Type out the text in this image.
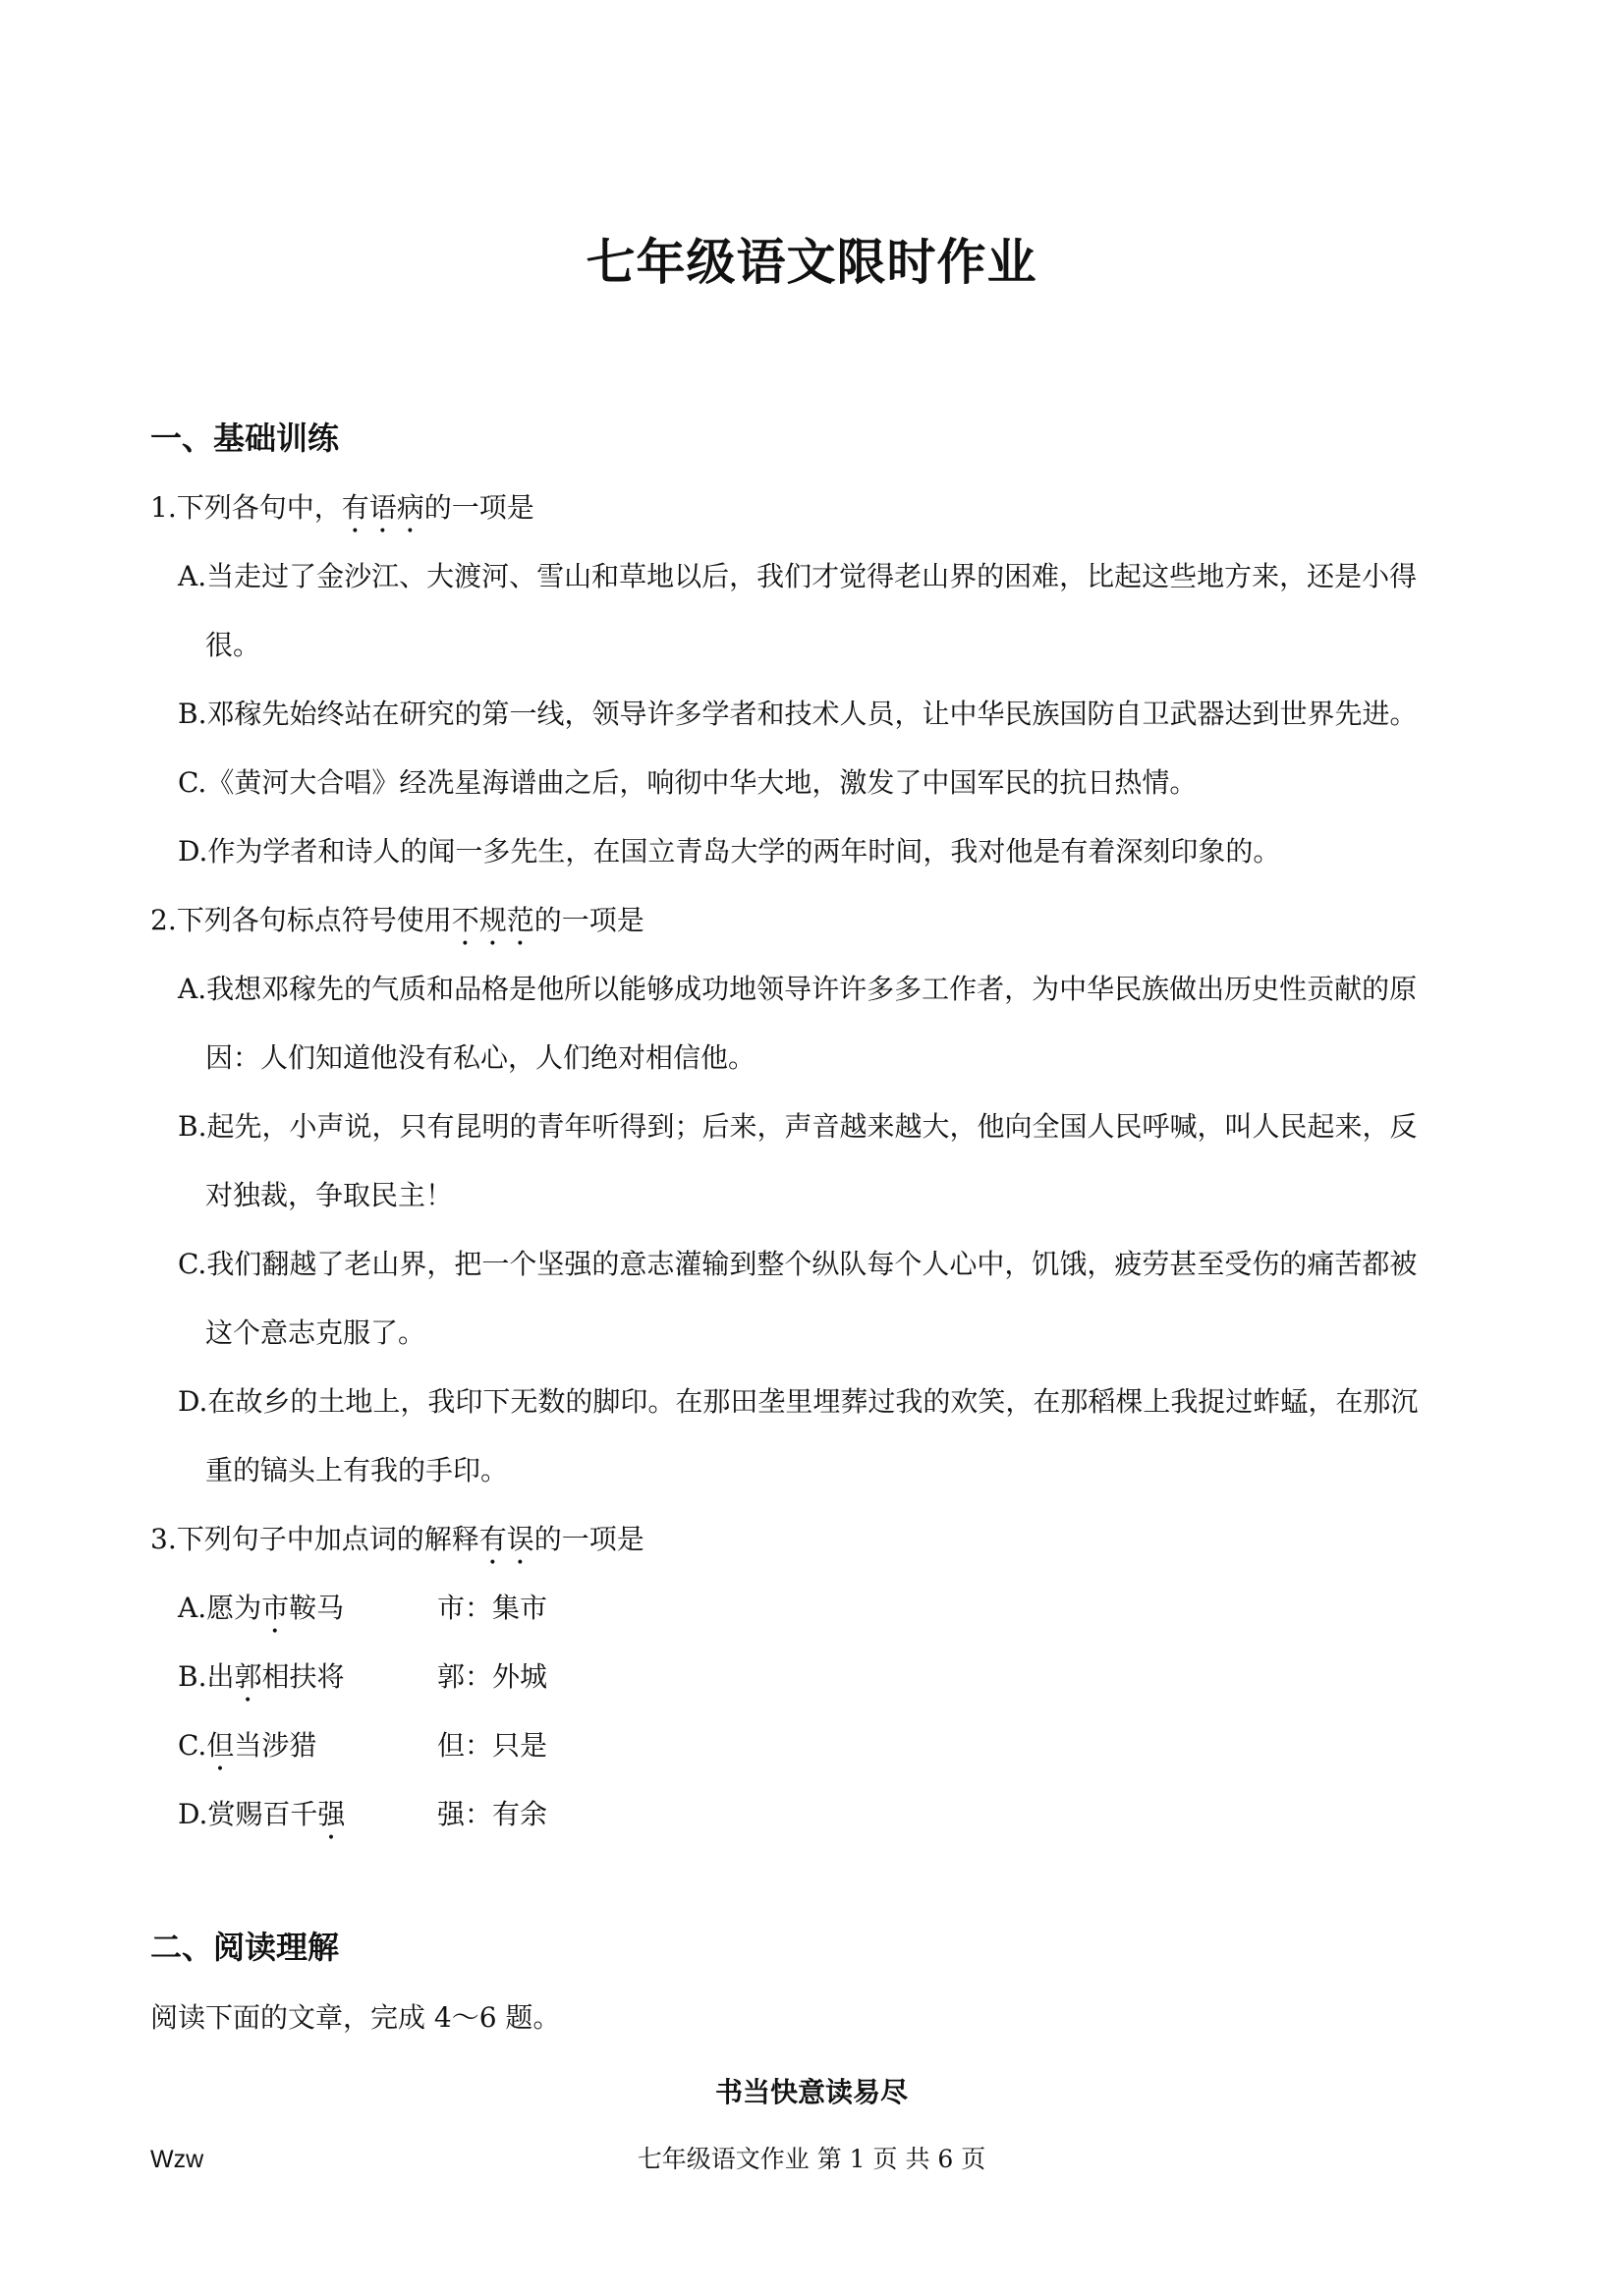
七年级语文限时作业
一、基础训练
1.下列各句中，有语病的一项是
A.当走过了金沙江、大渡河、雪山和草地以后，我们才觉得老山界的困难，比起这些地方来，还是小得
很。
B.邓稼先始终站在研究的第一线，领导许多学者和技术人员，让中华民族国防自卫武器达到世界先进。
C.《黄河大合唱》经冼星海谱曲之后，响彻中华大地，激发了中国军民的抗日热情。
D.作为学者和诗人的闻一多先生，在国立青岛大学的两年时间，我对他是有着深刻印象的。
2.下列各句标点符号使用不规范的一项是
A.我想邓稼先的气质和品格是他所以能够成功地领导许许多多工作者，为中华民族做出历史性贡献的原
因：人们知道他没有私心，人们绝对相信他。
B.起先，小声说，只有昆明的青年听得到；后来，声音越来越大，他向全国人民呼喊，叫人民起来，反
对独裁，争取民主！
C.我们翻越了老山界，把一个坚强的意志灌输到整个纵队每个人心中，饥饿，疲劳甚至受伤的痛苦都被
这个意志克服了。
D.在故乡的土地上，我印下无数的脚印。在那田垄里埋葬过我的欢笑，在那稻棵上我捉过蚱蜢，在那沉
重的镐头上有我的手印。
3.下列句子中加点词的解释有误的一项是
A.愿为市鞍马	市：集市
B.出郭相扶将	郭：外城
C.但当涉猎	但：只是
D.赏赐百千强	强：有余
二、阅读理解
阅读下面的文章，完成 4～6 题。
书当快意读易尽
Wzw	七年级语文作业 第 1 页 共 6 页
